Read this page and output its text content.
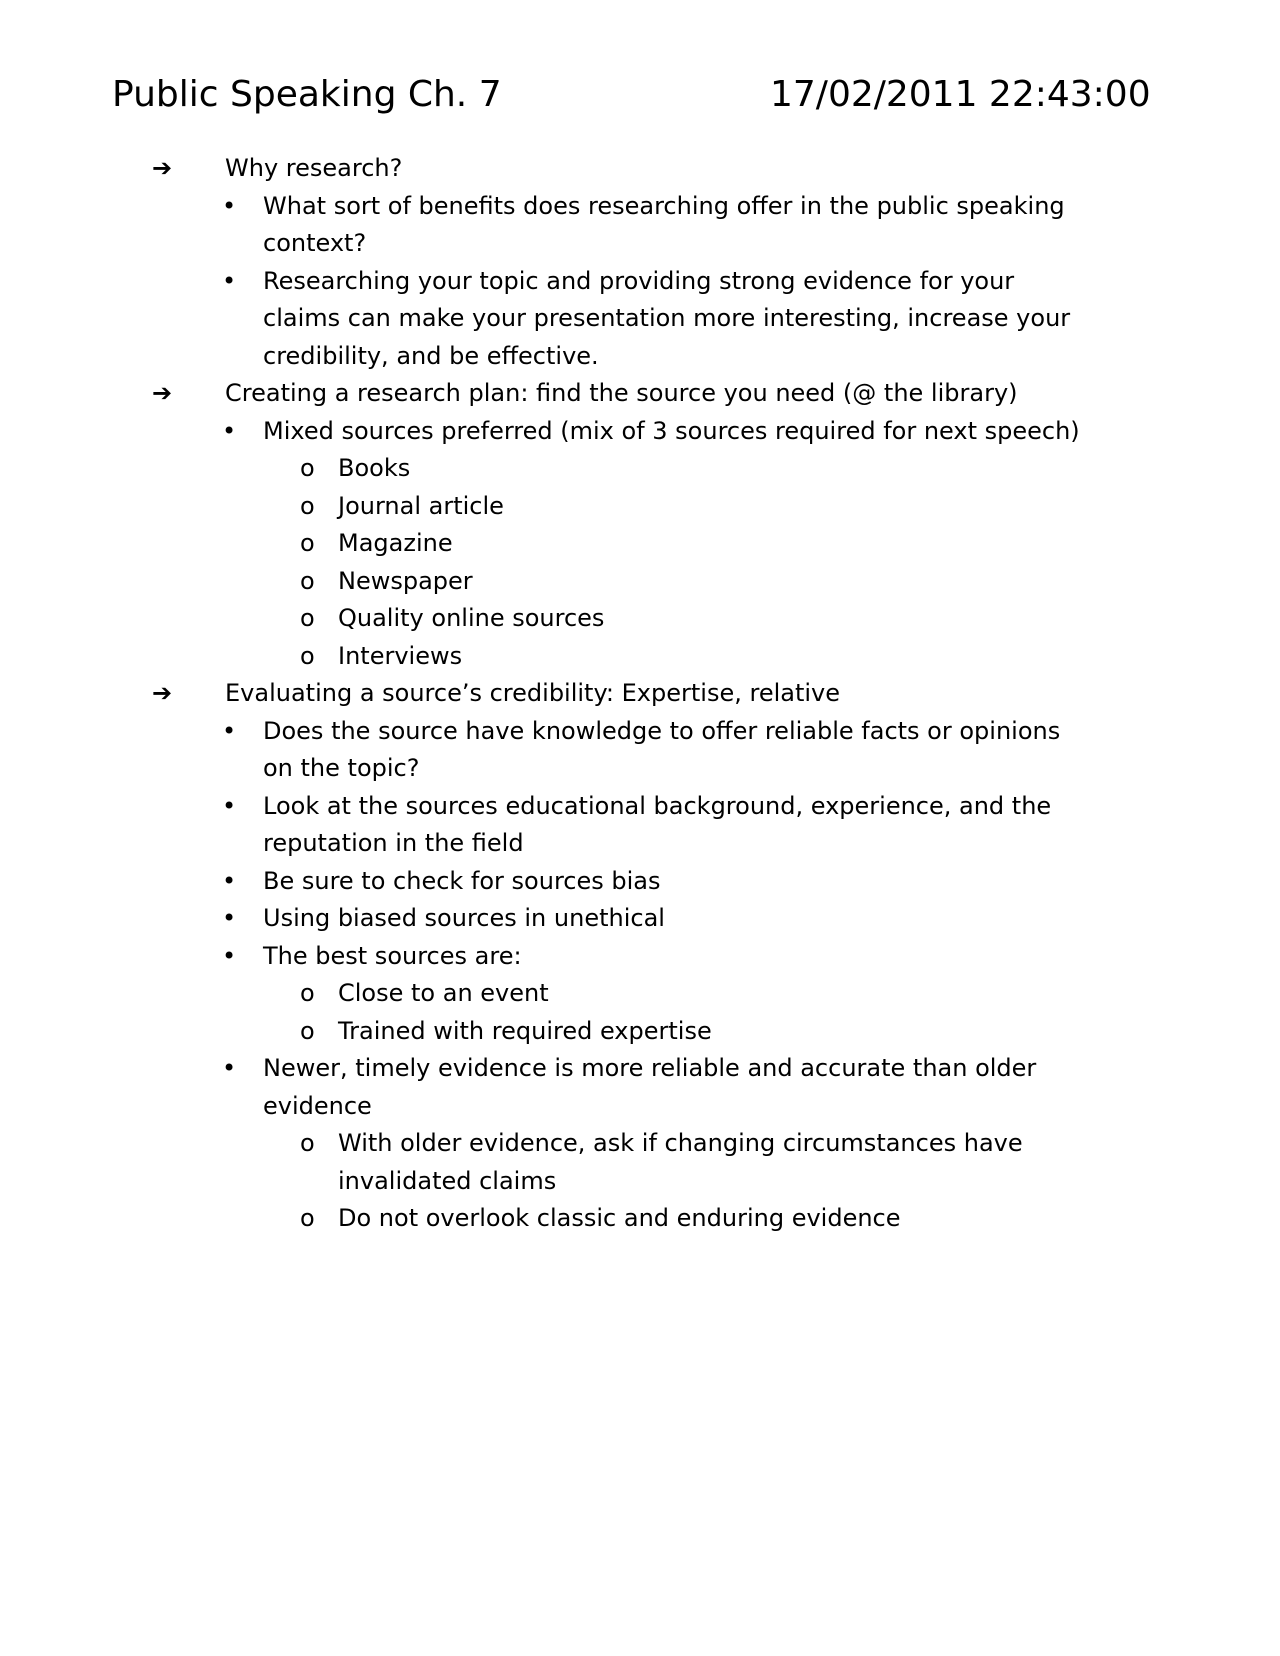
Public Speaking Ch. 7	17/02/2011 22:43:00
➔ Why research?
• What sort of benefits does researching offer in the public speaking
context?
• Researching your topic and providing strong evidence for your
claims can make your presentation more interesting, increase your
credibility, and be effective.
➔ Creating a research plan: find the source you need (@ the library)
• Mixed sources preferred (mix of 3 sources required for next speech)
o Books
o Journal article
o Magazine
o Newspaper
o Quality online sources
o Interviews
➔ Evaluating a source’s credibility: Expertise, relative
• Does the source have knowledge to offer reliable facts or opinions
on the topic?
• Look at the sources educational background, experience, and the
reputation in the field
• Be sure to check for sources bias
• Using biased sources in unethical
• The best sources are:
o Close to an event
o Trained with required expertise
• Newer, timely evidence is more reliable and accurate than older
evidence
o With older evidence, ask if changing circumstances have
invalidated claims
o Do not overlook classic and enduring evidence
